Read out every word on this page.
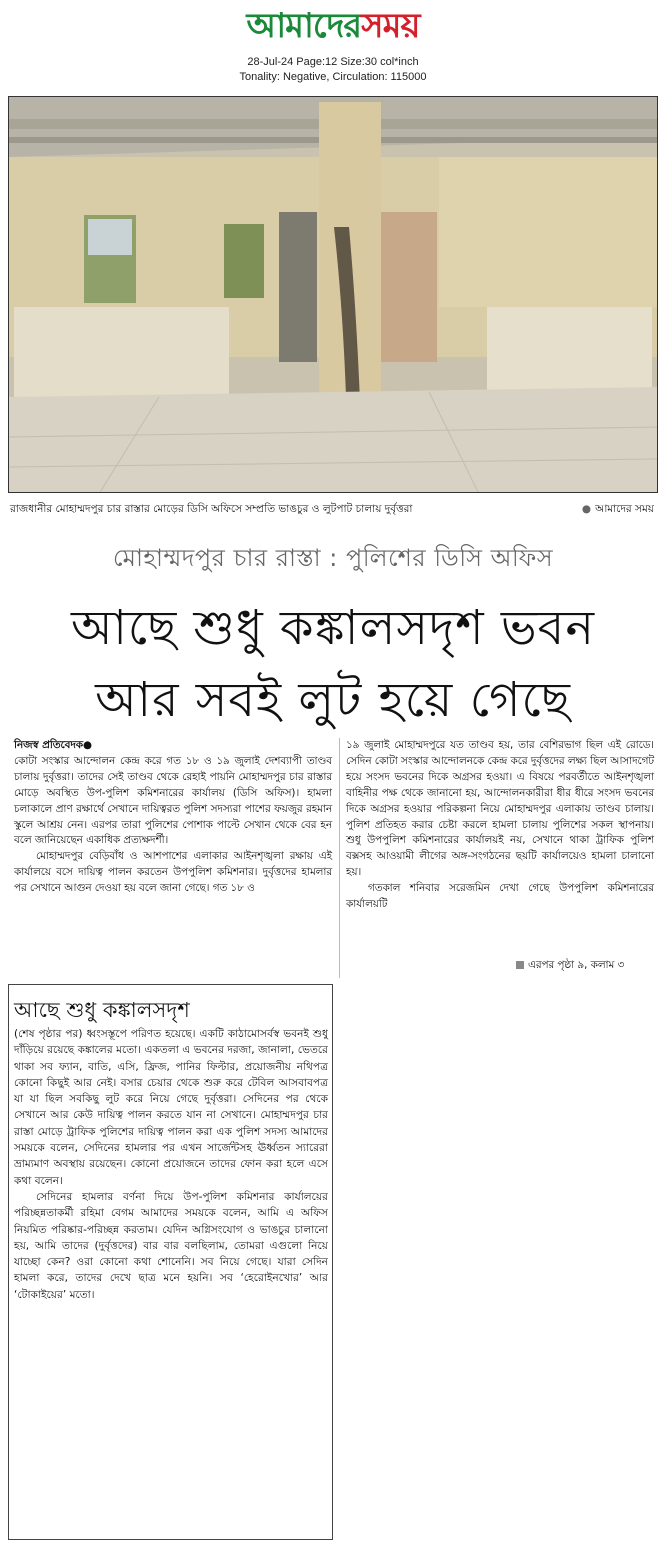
আমাদেরসময়
28-Jul-24 Page:12 Size:30 col*inch
Tonality: Negative, Circulation: 115000
রাজধানীর মোহাম্মদপুর চার রাস্তার মোড়ের ডিসি অফিসে সম্প্রতি ভাঙচুর ও লুটপাট চালায় দুর্বৃত্তরা	● আমাদের সময়
মোহাম্মদপুর চার রাস্তা : পুলিশের ডিসি অফিস
আছে শুধু কঙ্কালসদৃশ ভবন
আর সবই লুট হয়ে গেছে

নিজস্ব প্রতিবেদক●

কোটা সংস্কার আন্দোলন কেন্দ্র করে গত ১৮ ও ১৯ জুলাই দেশব্যাপী তাণ্ডব চালায় দুর্বৃত্তরা। তাদের সেই তাণ্ডব থেকে রেহাই পায়নি মোহাম্মদপুর চার রাস্তার মোড়ে অবস্থিত উপ-পুলিশ কমিশনারের কার্যালয় (ডিসি অফিস)। হামলা চলাকালে প্রাণ রক্ষার্থে সেখানে দায়িত্বরত পুলিশ সদস্যরা পাশের ফয়জুর রহমান স্কুলে আশ্রয় নেন। এরপর তারা পুলিশের পোশাক পাল্টে সেখান থেকে বের হন বলে জানিয়েছেন একাধিক প্রত্যক্ষদর্শী।

মোহাম্মদপুর বেড়িবাঁধ ও আশপাশের এলাকার আইনশৃঙ্খলা রক্ষায় এই কার্যালয়ে বসে দায়িত্ব পালন করতেন উপপুলিশ কমিশনার। দুর্বৃত্তদের হামলার পর সেখানে আগুন দেওয়া হয় বলে জানা গেছে। গত ১৮ ও

১৯ জুলাই মোহাম্মদপুরে যত তাণ্ডব হয়, তার বেশিরভাগ ছিল এই রোডে। সেদিন কোটা সংস্কার আন্দোলনকে কেন্দ্র করে দুর্বৃত্তদের লক্ষ্য ছিল আসাদগেট হয়ে সংসদ ভবনের দিকে অগ্রসর হওয়া। এ বিষয়ে পরবর্তীতে আইনশৃঙ্খলা বাহিনীর পক্ষ থেকে জানানো হয়, আন্দোলনকারীরা ধীর ধীরে সংসদ ভবনের দিকে অগ্রসর হওয়ার পরিকল্পনা নিয়ে মোহাম্মদপুর এলাকায় তাণ্ডব চালায়। পুলিশ প্রতিহত করার চেষ্টা করলে হামলা চালায় পুলিশের সকল স্থাপনায়। শুধু উপপুলিশ কমিশনারের কার্যালয়ই নয়, সেখানে থাকা ট্রাফিক পুলিশ বক্সসহ আওয়ামী লীগের অঙ্গ-সংগঠনের ছয়টি কার্যালয়েও হামলা চালানো হয়।

গতকাল শনিবার সরেজমিন দেখা গেছে উপপুলিশ কমিশনারের কার্যালয়টি

এরপর পৃষ্ঠা ৯, কলাম ৩
আছে শুধু কঙ্কালসদৃশ

(শেষ পৃষ্ঠার পর) ধ্বংসস্তূপে পরিণত হয়েছে। একটি কাঠামোসর্বস্ব ভবনই শুধু দাঁড়িয়ে রয়েছে কঙ্কালের মতো। একতলা এ ভবনের দরজা, জানালা, ভেতরে থাকা সব ফ্যান, বাতি, এসি, ফ্রিজ, পানির ফিল্টার, প্রয়োজনীয় নথিপত্র কোনো কিছুই আর নেই। বসার চেয়ার থেকে শুরু করে টেবিল আসবাবপত্র যা যা ছিল সবকিছু লুট করে নিয়ে গেছে দুর্বৃত্তরা। সেদিনের পর থেকে সেখানে আর কেউ দায়িত্ব পালন করতে যান না সেখানে। মোহাম্মদপুর চার রাস্তা মোড়ে ট্রাফিক পুলিশের দায়িত্ব পালন করা এক পুলিশ সদস্য আমাদের সময়কে বলেন, সেদিনের হামলার পর এখন সার্জেন্টসহ ঊর্ধ্বতন স্যারেরা ভ্রাম্যমাণ অবস্থায় রয়েছেন। কোনো প্রয়োজনে তাদের ফোন করা হলে এসে কথা বলেন।

সেদিনের হামলার বর্ণনা দিয়ে উপ-পুলিশ কমিশনার কার্যালয়ের পরিচ্ছন্নতাকর্মী রহিমা বেগম আমাদের সময়কে বলেন, আমি এ অফিস নিয়মিত পরিষ্কার-পরিচ্ছন্ন করতাম। যেদিন অগ্নিসংযোগ ও ভাঙচুর চালানো হয়, আমি তাদের (দুর্বৃত্তদের) বার বার বলছিলাম, তোমরা এগুলো নিয়ে যাচ্ছো কেন? ওরা কোনো কথা শোনেনি। সব নিয়ে গেছে। যারা সেদিন হামলা করে, তাদের দেখে ছাত্র মনে হয়নি। সব ‘হেরোইনখোর’ আর ‘টোকাইয়ের’ মতো।
